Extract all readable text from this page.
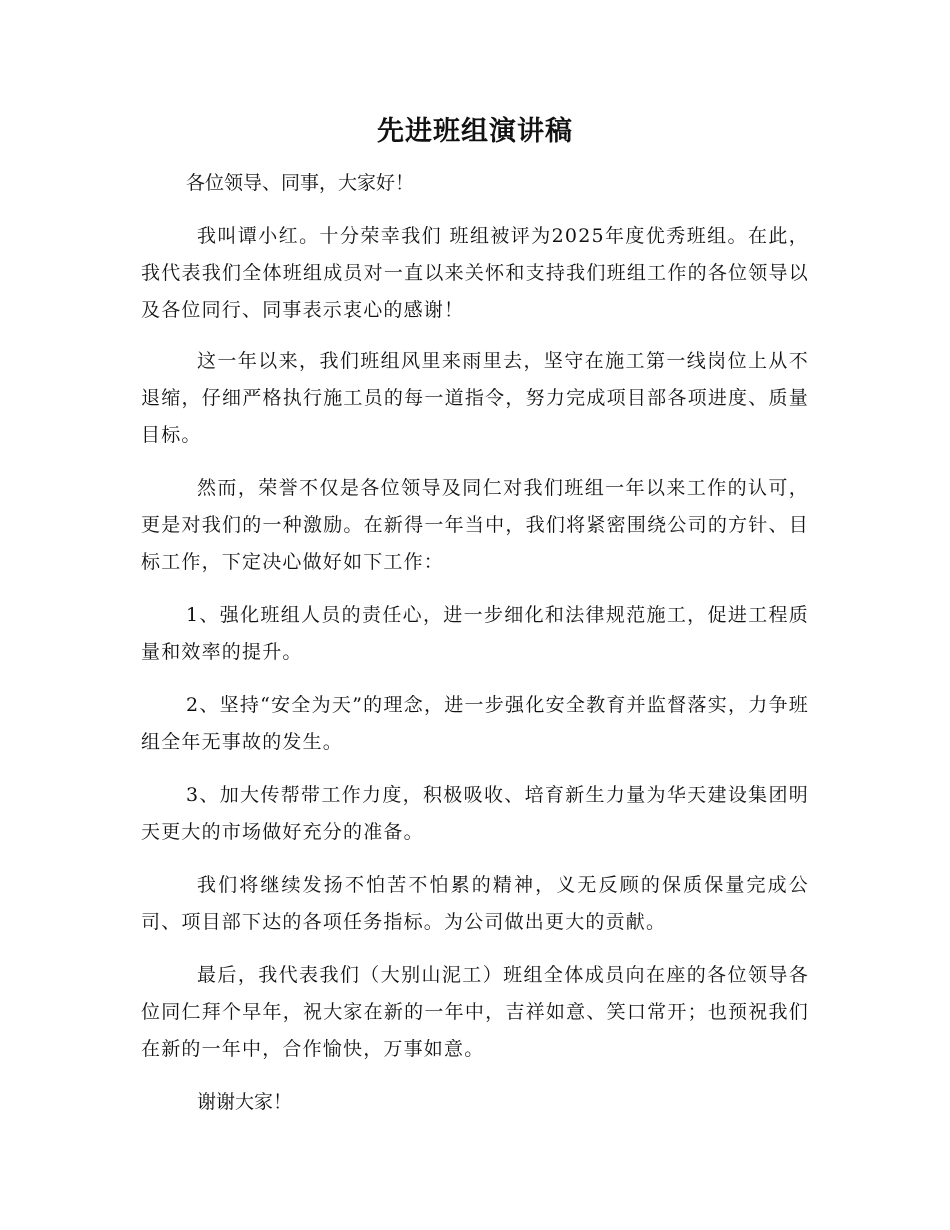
先进班组演讲稿
各位领导、同事，大家好！

我叫谭小红。十分荣幸我们 班组被评为2025年度优秀班组。在此，我代表我们全体班组成员对一直以来关怀和支持我们班组工作的各位领导以及各位同行、同事表示衷心的感谢！

这一年以来，我们班组风里来雨里去，坚守在施工第一线岗位上从不退缩，仔细严格执行施工员的每一道指令，努力完成项目部各项进度、质量目标。

然而，荣誉不仅是各位领导及同仁对我们班组一年以来工作的认可，更是对我们的一种激励。在新得一年当中，我们将紧密围绕公司的方针、目标工作，下定决心做好如下工作：

1、强化班组人员的责任心，进一步细化和法律规范施工，促进工程质量和效率的提升。

2、坚持“安全为天”的理念，进一步强化安全教育并监督落实，力争班组全年无事故的发生。

3、加大传帮带工作力度，积极吸收、培育新生力量为华天建设集团明天更大的市场做好充分的准备。

我们将继续发扬不怕苦不怕累的精神，义无反顾的保质保量完成公司、项目部下达的各项任务指标。为公司做出更大的贡献。

最后，我代表我们（大别山泥工）班组全体成员向在座的各位领导各位同仁拜个早年，祝大家在新的一年中，吉祥如意、笑口常开；也预祝我们在新的一年中，合作愉快，万事如意。

谢谢大家！
